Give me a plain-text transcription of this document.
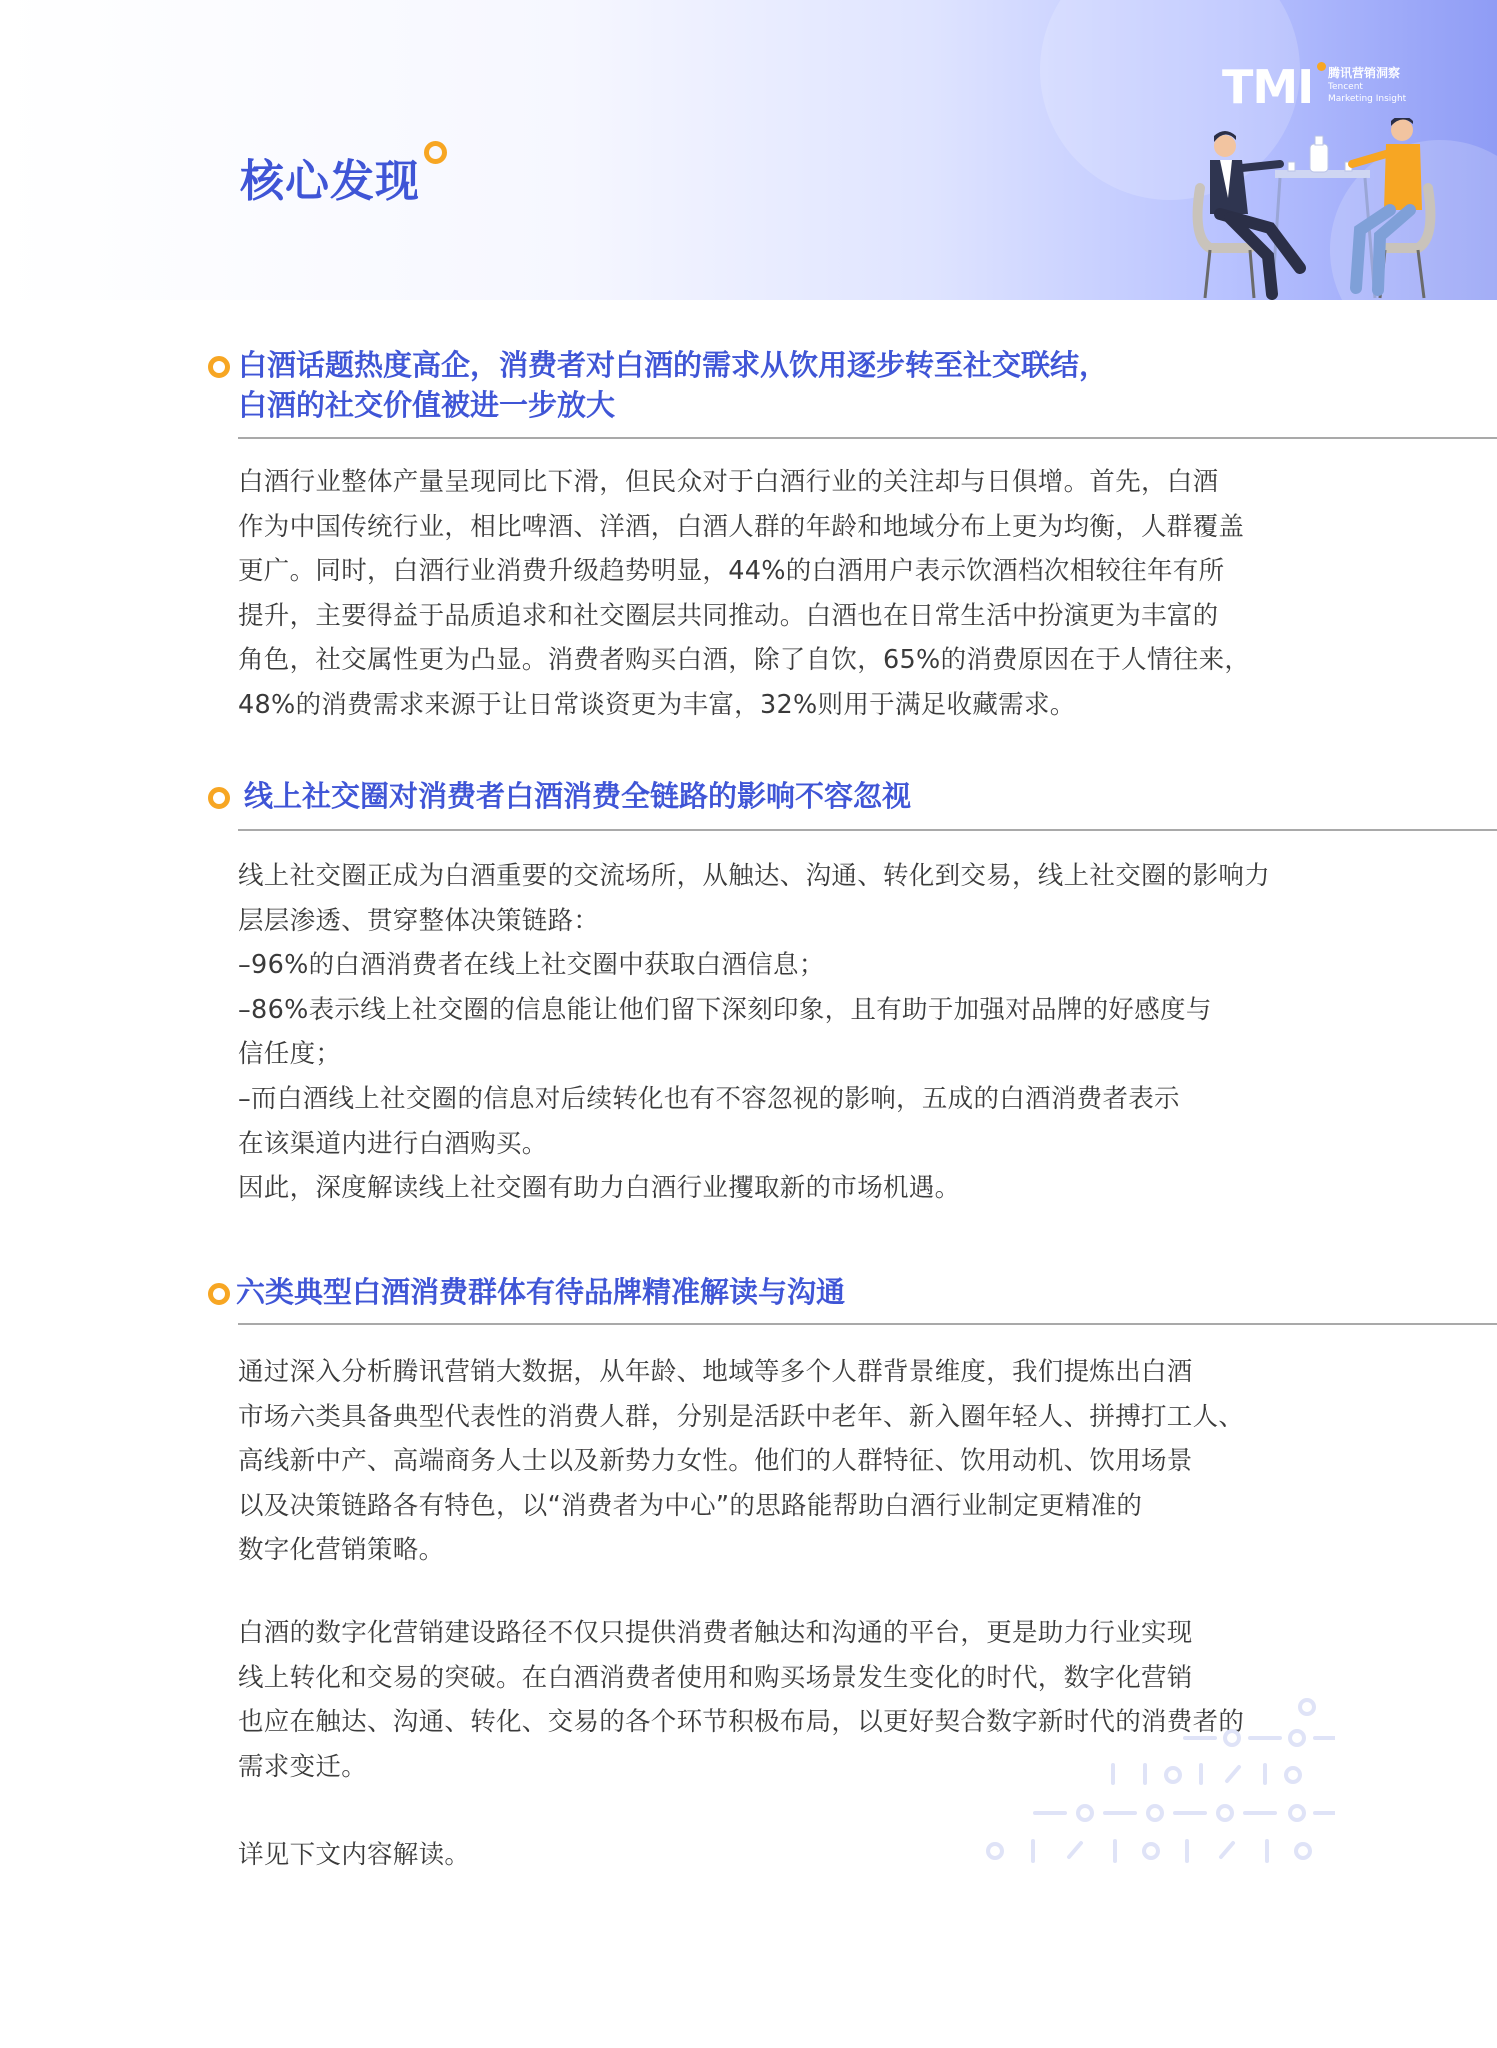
核心发现
TMI 腾讯营销洞察
Tencent
Marketing Insight
白酒话题热度高企，消费者对白酒的需求从饮用逐步转至社交联结，
白酒的社交价值被进一步放大
白酒行业整体产量呈现同比下滑，但民众对于白酒行业的关注却与日俱增。首先，白酒
作为中国传统行业，相比啤酒、洋酒，白酒人群的年龄和地域分布上更为均衡，人群覆盖
更广。同时，白酒行业消费升级趋势明显，44%的白酒用户表示饮酒档次相较往年有所
提升，主要得益于品质追求和社交圈层共同推动。白酒也在日常生活中扮演更为丰富的
角色，社交属性更为凸显。消费者购买白酒，除了自饮，65%的消费原因在于人情往来，
48%的消费需求来源于让日常谈资更为丰富，32%则用于满足收藏需求。
线上社交圈对消费者白酒消费全链路的影响不容忽视
线上社交圈正成为白酒重要的交流场所，从触达、沟通、转化到交易，线上社交圈的影响力
层层渗透、贯穿整体决策链路：
–96%的白酒消费者在线上社交圈中获取白酒信息；
–86%表示线上社交圈的信息能让他们留下深刻印象，且有助于加强对品牌的好感度与
信任度；
–而白酒线上社交圈的信息对后续转化也有不容忽视的影响，五成的白酒消费者表示
在该渠道内进行白酒购买。
因此，深度解读线上社交圈有助力白酒行业攫取新的市场机遇。
六类典型白酒消费群体有待品牌精准解读与沟通
通过深入分析腾讯营销大数据，从年龄、地域等多个人群背景维度，我们提炼出白酒
市场六类具备典型代表性的消费人群，分别是活跃中老年、新入圈年轻人、拼搏打工人、
高线新中产、高端商务人士以及新势力女性。他们的人群特征、饮用动机、饮用场景
以及决策链路各有特色，以“消费者为中心”的思路能帮助白酒行业制定更精准的
数字化营销策略。
白酒的数字化营销建设路径不仅只提供消费者触达和沟通的平台，更是助力行业实现
线上转化和交易的突破。在白酒消费者使用和购买场景发生变化的时代，数字化营销
也应在触达、沟通、转化、交易的各个环节积极布局，以更好契合数字新时代的消费者的
需求变迁。
详见下文内容解读。
